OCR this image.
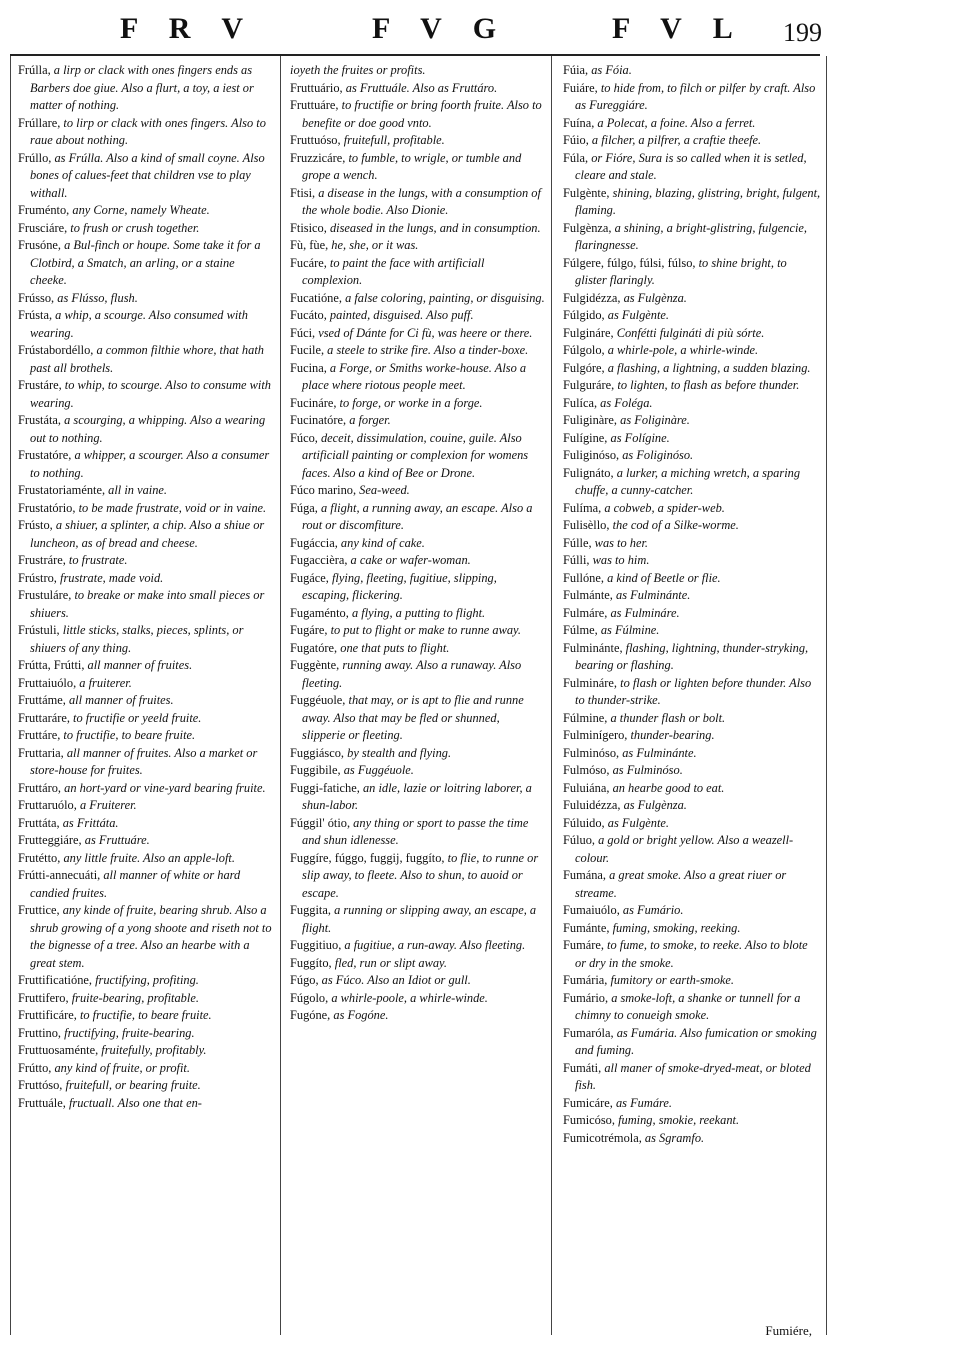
F R V	F V G	F V L 199

Frúlla, a lirp or clack with ones fingers ends as Barbers doe giue. Also a flurt, a toy, a iest or matter of nothing.

Frúllare, to lirp or clack with ones fingers. Also to raue about nothing.

Frúllo, as Frúlla. Also a kind of small coyne. Also bones of calues-feet that children vse to play withall.

Fruménto, any Corne, namely Wheate.

Frusciáre, to frush or crush together.

Frusóne, a Bul-finch or houpe. Some take it for a Clotbird, a Smatch, an arling, or a staine cheeke.

Frússo, as Flússo, flush.

Frústa, a whip, a scourge. Also consumed with wearing.

Frústabordéllo, a common filthie whore, that hath past all brothels.

Frustáre, to whip, to scourge. Also to consume with wearing.

Frustáta, a scourging, a whipping. Also a wearing out to nothing.

Frustatóre, a whipper, a scourger. Also a consumer to nothing.

Frustatoriaménte, all in vaine.

Frustatório, to be made frustrate, void or in vaine.

Frústo, a shiuer, a splinter, a chip. Also a shiue or luncheon, as of bread and cheese.

Frustráre, to frustrate.

Frústro, frustrate, made void.

Frustuláre, to breake or make into small pieces or shiuers.

Frústuli, little sticks, stalks, pieces, splints, or shiuers of any thing.

Frútta, Frútti, all manner of fruites.

Fruttaiuólo, a fruiterer.

Fruttáme, all manner of fruites.

Fruttaráre, to fructifie or yeeld fruite.

Fruttáre, to fructifie, to beare fruite.

Fruttaria, all manner of fruites. Also a market or store-house for fruites.

Fruttáro, an hort-yard or vine-yard bearing fruite.

Fruttaruólo, a Fruiterer.

Fruttáta, as Frittáta.

Frutteggiáre, as Fruttuáre.

Frutétto, any little fruite. Also an apple-loft.

Frútti-annecuáti, all manner of white or hard candied fruites.

Fruttice, any kinde of fruite, bearing shrub. Also a shrub growing of a yong shoote and riseth not to the bignesse of a tree. Also an hearbe with a great stem.

Fruttificatióne, fructifying, profiting.

Fruttifero, fruite-bearing, profitable.

Fruttificáre, to fructifie, to beare fruite.

Fruttino, fructifying, fruite-bearing.

Fruttuosaménte, fruitefully, profitably.

Frútto, any kind of fruite, or profit.

Fruttóso, fruitefull, or bearing fruite.

Fruttuále, fructuall. Also one that en-

ioyeth the fruites or profits.

Fruttuário, as Fruttuále. Also as Fruttáro.

Fruttuáre, to fructifie or bring foorth fruite. Also to benefite or doe good vnto.

Fruttuóso, fruitefull, profitable.

Fruzzicáre, to fumble, to wrigle, or tumble and grope a wench.

Ftisi, a disease in the lungs, with a consumption of the whole bodie. Also Dionie.

Ftisico, diseased in the lungs, and in consumption.

Fù, fùe, he, she, or it was.

Fucáre, to paint the face with artificiall complexion.

Fucatióne, a false coloring, painting, or disguising.

Fucáto, painted, disguised. Also puff.

Fúci, vsed of Dánte for Ci fù, was heere or there.

Fucile, a steele to strike fire. Also a tinder-boxe.

Fucina, a Forge, or Smiths worke-house. Also a place where riotous people meet.

Fucináre, to forge, or worke in a forge.

Fucinatóre, a forger.

Fúco, deceit, dissimulation, couine, guile. Also artificiall painting or complexion for womens faces. Also a kind of Bee or Drone.

Fúco marino, Sea-weed.

Fúga, a flight, a running away, an escape. Also a rout or discomfiture.

Fugáccia, any kind of cake.

Fugaccièra, a cake or wafer-woman.

Fugáce, flying, fleeting, fugitiue, slipping, escaping, flickering.

Fugaménto, a flying, a putting to flight.

Fugáre, to put to flight or make to runne away.

Fugatóre, one that puts to flight.

Fuggènte, running away. Also a runaway. Also fleeting.

Fuggéuole, that may, or is apt to flie and runne away. Also that may be fled or shunned, slipperie or fleeting.

Fuggiásco, by stealth and flying.

Fuggibile, as Fuggéuole.

Fuggi-fatiche, an idle, lazie or loitring laborer, a shun-labor.

Fúggil' ótio, any thing or sport to passe the time and shun idlenesse.

Fuggíre, fúggo, fuggij, fuggíto, to flie, to runne or slip away, to fleete. Also to shun, to auoid or escape.

Fuggita, a running or slipping away, an escape, a flight.

Fuggitiuo, a fugitiue, a run-away. Also fleeting.

Fuggíto, fled, run or slipt away.

Fúgo, as Fúco. Also an Idiot or gull.

Fúgolo, a whirle-poole, a whirle-winde.

Fugóne, as Fogóne.

Fúia, as Fóia.

Fuiáre, to hide from, to filch or pilfer by craft. Also as Fureggiáre.

Fuína, a Polecat, a foine. Also a ferret.

Fúio, a filcher, a pilfrer, a craftie theefe.

Fúla, or Fióre, Sura is so called when it is setled, cleare and stale.

Fulgènte, shining, blazing, glistring, bright, fulgent, flaming.

Fulgènza, a shining, a bright-glistring, fulgencie, flaringnesse.

Fúlgere, fúlgo, fúlsi, fúlso, to shine bright, to glister flaringly.

Fulgidézza, as Fulgènza.

Fúlgido, as Fulgènte.

Fulgináre, Confétti fulgináti di più sórte.

Fúlgolo, a whirle-pole, a whirle-winde.

Fulgóre, a flashing, a lightning, a sudden blazing.

Fulguráre, to lighten, to flash as before thunder.

Fulíca, as Foléga.

Fuliginàre, as Foliginàre.

Fulígine, as Folígine.

Fuliginóso, as Foliginóso.

Fulignáto, a lurker, a miching wretch, a sparing chuffe, a cunny-catcher.

Fulíma, a cobweb, a spider-web.

Fulisèllo, the cod of a Silke-worme.

Fúlle, was to her.

Fúlli, was to him.

Fullóne, a kind of Beetle or flie.

Fulmánte, as Fulminánte.

Fulmáre, as Fulmináre.

Fúlme, as Fúlmine.

Fulminánte, flashing, lightning, thunder-stryking, bearing or flashing.

Fulmináre, to flash or lighten before thunder. Also to thunder-strike.

Fúlmine, a thunder flash or bolt.

Fulminígero, thunder-bearing.

Fulminóso, as Fulminánte.

Fulmóso, as Fulminóso.

Fuluiána, an hearbe good to eat.

Fuluidézza, as Fulgènza.

Fúluido, as Fulgènte.

Fúluo, a gold or bright yellow. Also a weazell-colour.

Fumána, a great smoke. Also a great riuer or streame.

Fumaiuólo, as Fumário.

Fumánte, fuming, smoking, reeking.

Fumáre, to fume, to smoke, to reeke. Also to blote or dry in the smoke.

Fumária, fumitory or earth-smoke.

Fumário, a smoke-loft, a shanke or tunnell for a chimny to conueigh smoke.

Fumaróla, as Fumária. Also fumication or smoking and fuming.

Fumáti, all maner of smoke-dryed-meat, or bloted fish.

Fumicáre, as Fumáre.

Fumicóso, fuming, smokie, reekant.

Fumicotrémola, as Sgramfo.

Fumiére,
